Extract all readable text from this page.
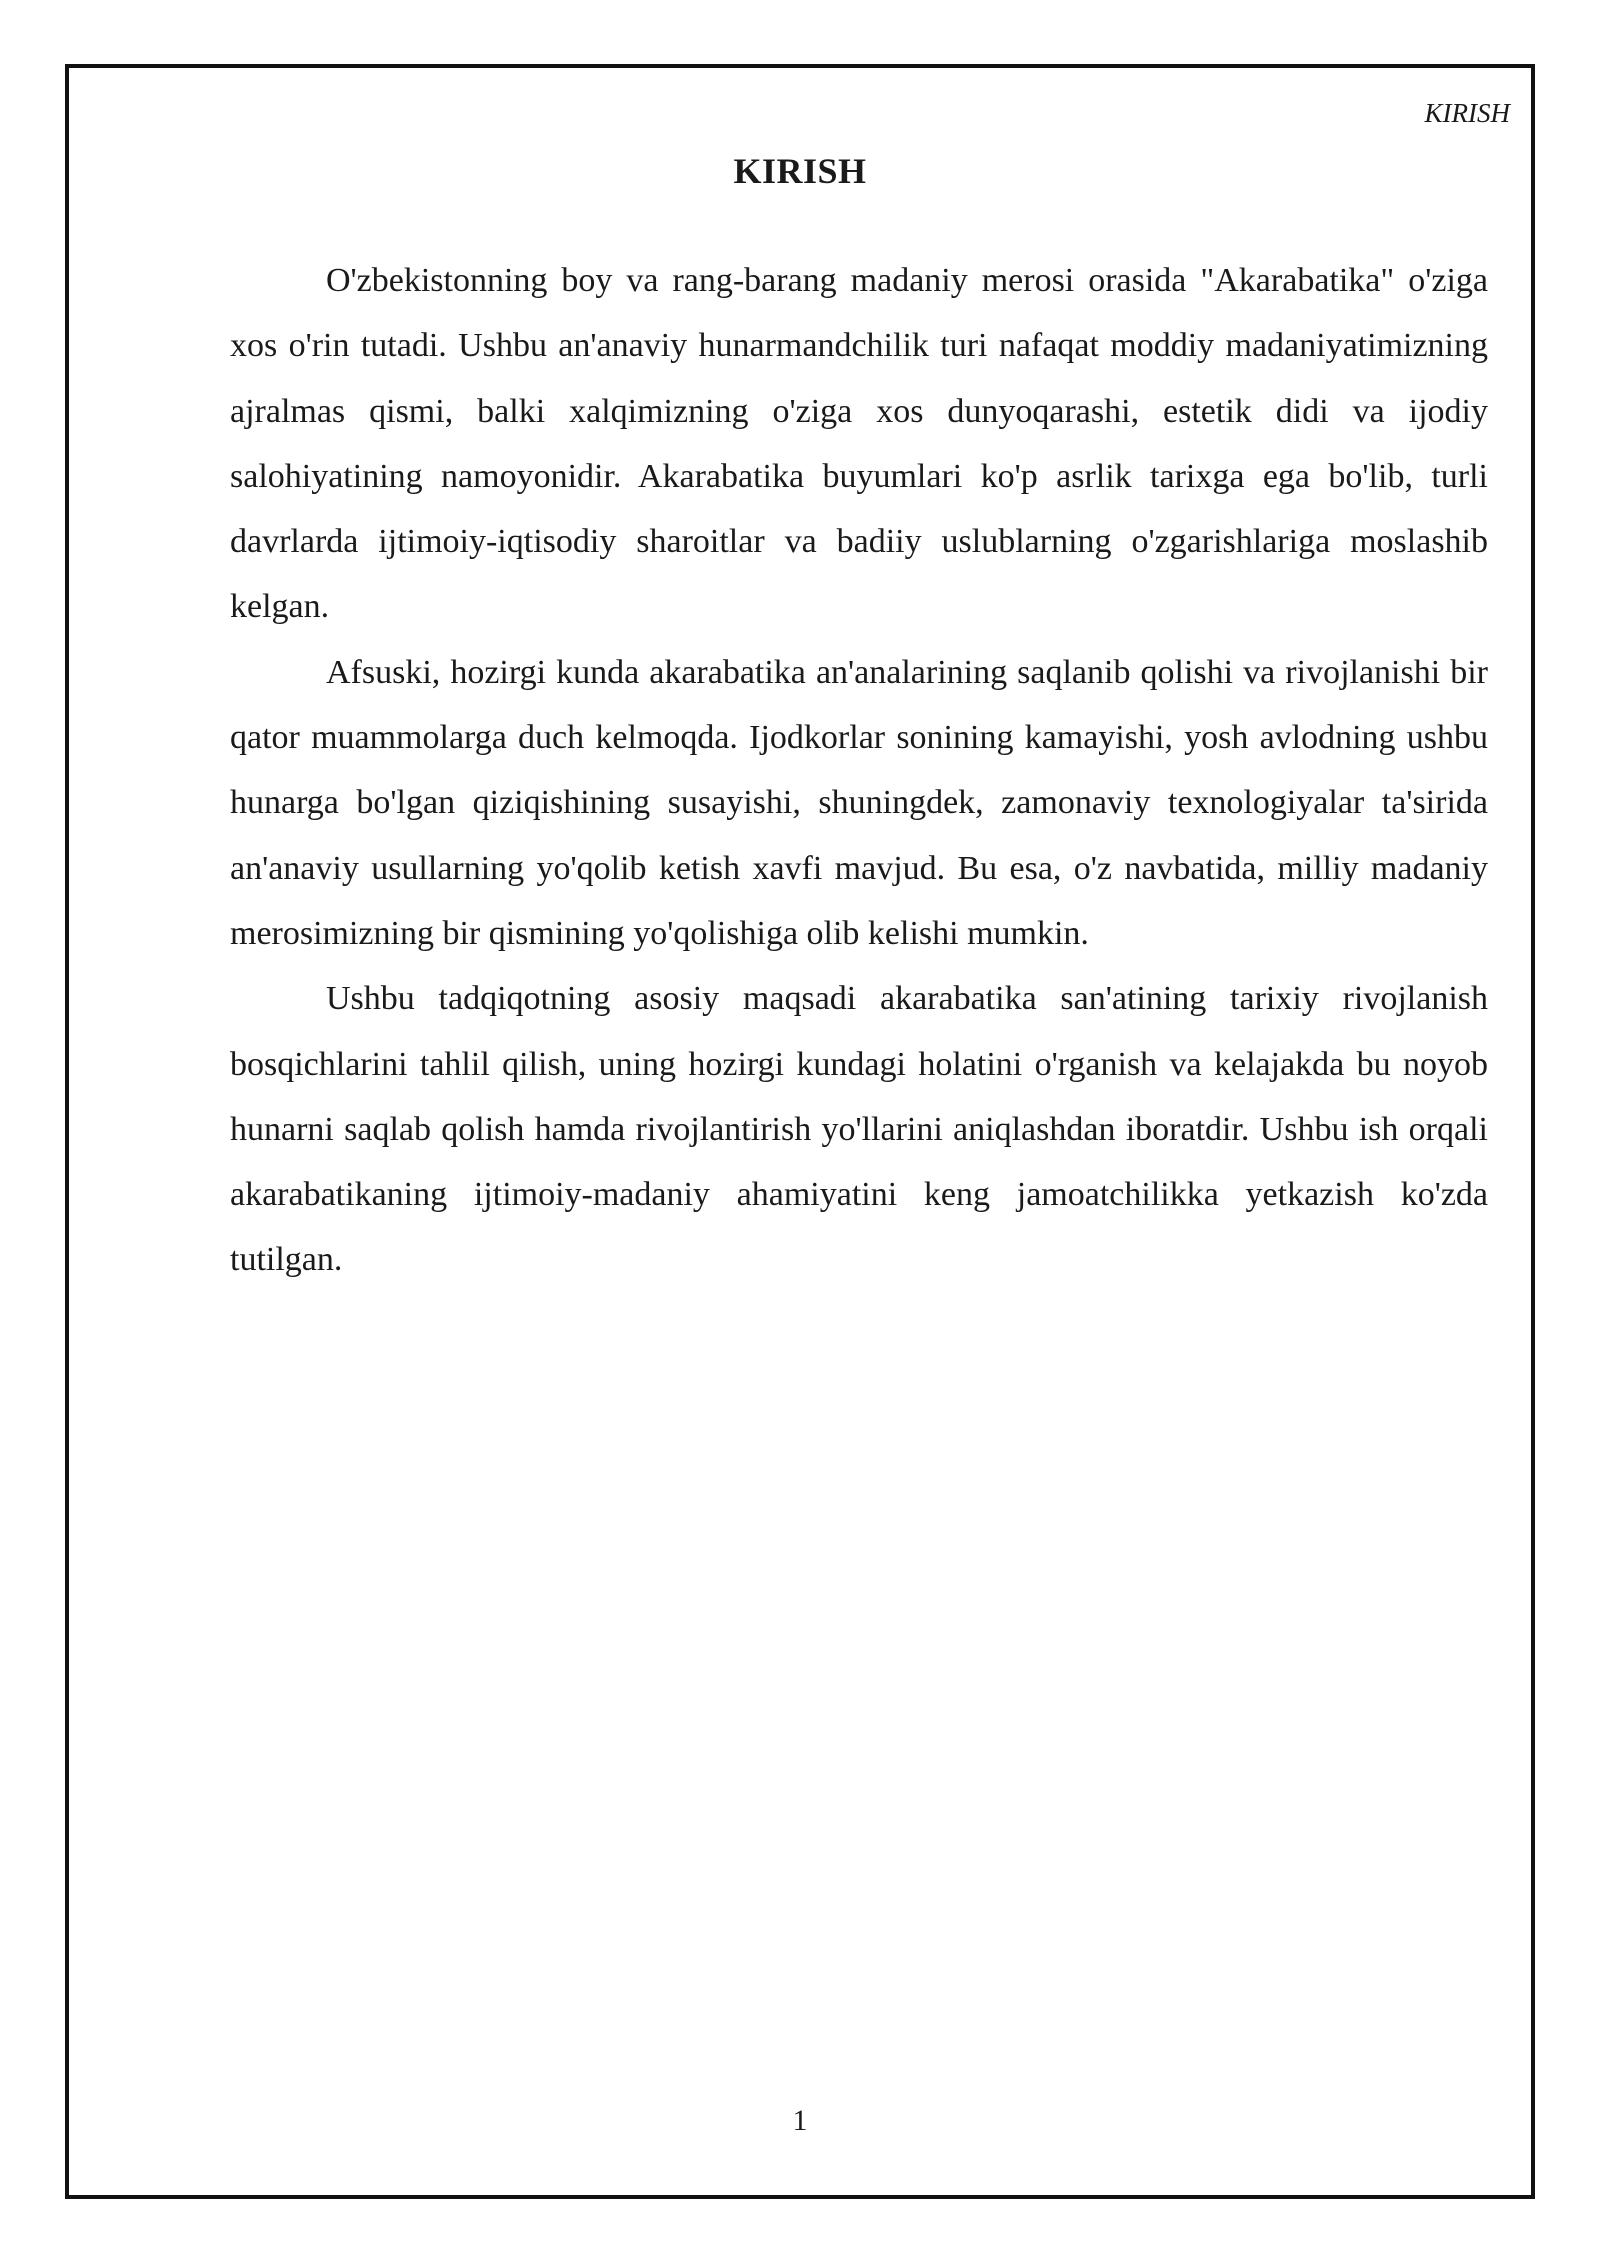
KIRISH
KIRISH

O'zbekistonning boy va rang-barang madaniy merosi orasida "Akarabatika" o'ziga xos o'rin tutadi. Ushbu an'anaviy hunarmandchilik turi nafaqat moddiy madaniyatimizning ajralmas qismi, balki xalqimizning o'ziga xos dunyoqarashi, estetik didi va ijodiy salohiyatining namoyonidir. Akarabatika buyumlari ko'p asrlik tarixga ega bo'lib, turli davrlarda ijtimoiy-iqtisodiy sharoitlar va badiiy uslublarning o'zgarishlariga moslashib kelgan.

Afsuski, hozirgi kunda akarabatika an'analarining saqlanib qolishi va rivojlanishi bir qator muammolarga duch kelmoqda. Ijodkorlar sonining kamayishi, yosh avlodning ushbu hunarga bo'lgan qiziqishining susayishi, shuningdek, zamonaviy texnologiyalar ta'sirida an'anaviy usullarning yo'qolib ketish xavfi mavjud. Bu esa, o'z navbatida, milliy madaniy merosimizning bir qismining yo'qolishiga olib kelishi mumkin.

Ushbu tadqiqotning asosiy maqsadi akarabatika san'atining tarixiy rivojlanish bosqichlarini tahlil qilish, uning hozirgi kundagi holatini o'rganish va kelajakda bu noyob hunarni saqlab qolish hamda rivojlantirish yo'llarini aniqlashdan iboratdir. Ushbu ish orqali akarabatikaning ijtimoiy-madaniy ahamiyatini keng jamoatchilikka yetkazish ko'zda tutilgan.

1
